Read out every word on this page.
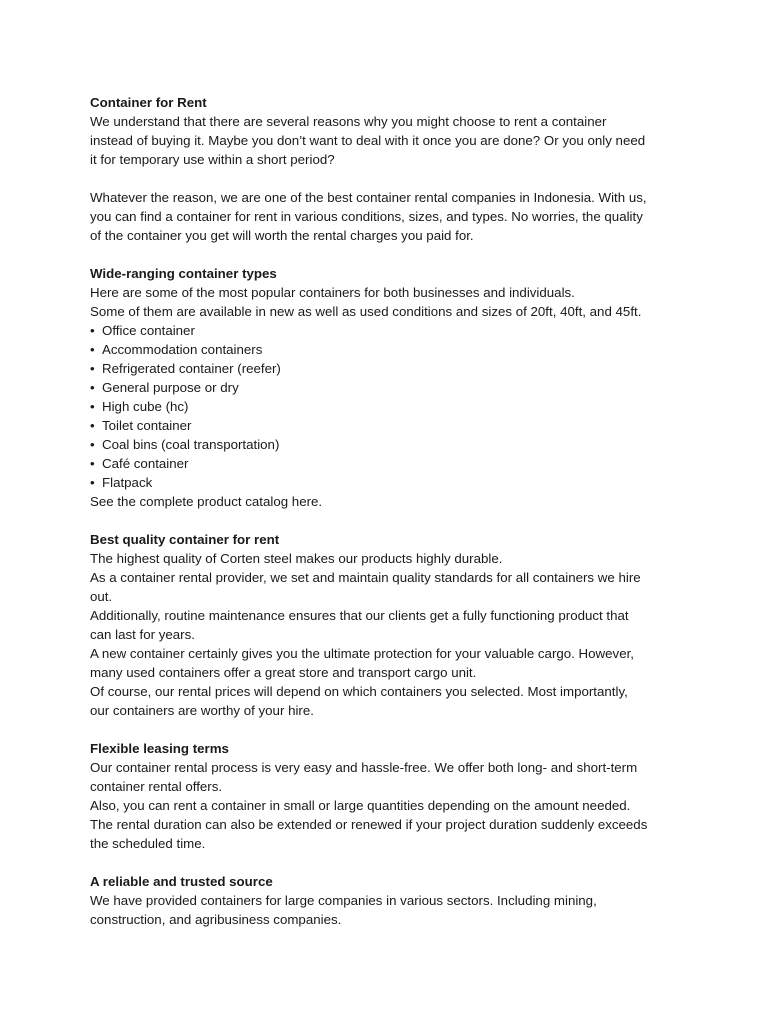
Container for Rent

We understand that there are several reasons why you might choose to rent a container

instead of buying it. Maybe you don’t want to deal with it once you are done? Or you only need

it for temporary use within a short period?

Whatever the reason, we are one of the best container rental companies in Indonesia. With us,

you can find a container for rent in various conditions, sizes, and types. No worries, the quality

of the container you get will worth the rental charges you paid for.

Wide-ranging container types

Here are some of the most popular containers for both businesses and individuals.

Some of them are available in new as well as used conditions and sizes of 20ft, 40ft, and 45ft.

• Office container
• Accommodation containers
• Refrigerated container (reefer)
• General purpose or dry
• High cube (hc)
• Toilet container
• Coal bins (coal transportation)
• Café container
• Flatpack

See the complete product catalog here.

Best quality container for rent

The highest quality of Corten steel makes our products highly durable.

As a container rental provider, we set and maintain quality standards for all containers we hire

out.

Additionally, routine maintenance ensures that our clients get a fully functioning product that

can last for years.

A new container certainly gives you the ultimate protection for your valuable cargo. However,

many used containers offer a great store and transport cargo unit.

Of course, our rental prices will depend on which containers you selected. Most importantly,

our containers are worthy of your hire.

Flexible leasing terms

Our container rental process is very easy and hassle-free. We offer both long- and short-term

container rental offers.

Also, you can rent a container in small or large quantities depending on the amount needed.

The rental duration can also be extended or renewed if your project duration suddenly exceeds

the scheduled time.

A reliable and trusted source

We have provided containers for large companies in various sectors. Including mining,

construction, and agribusiness companies.
